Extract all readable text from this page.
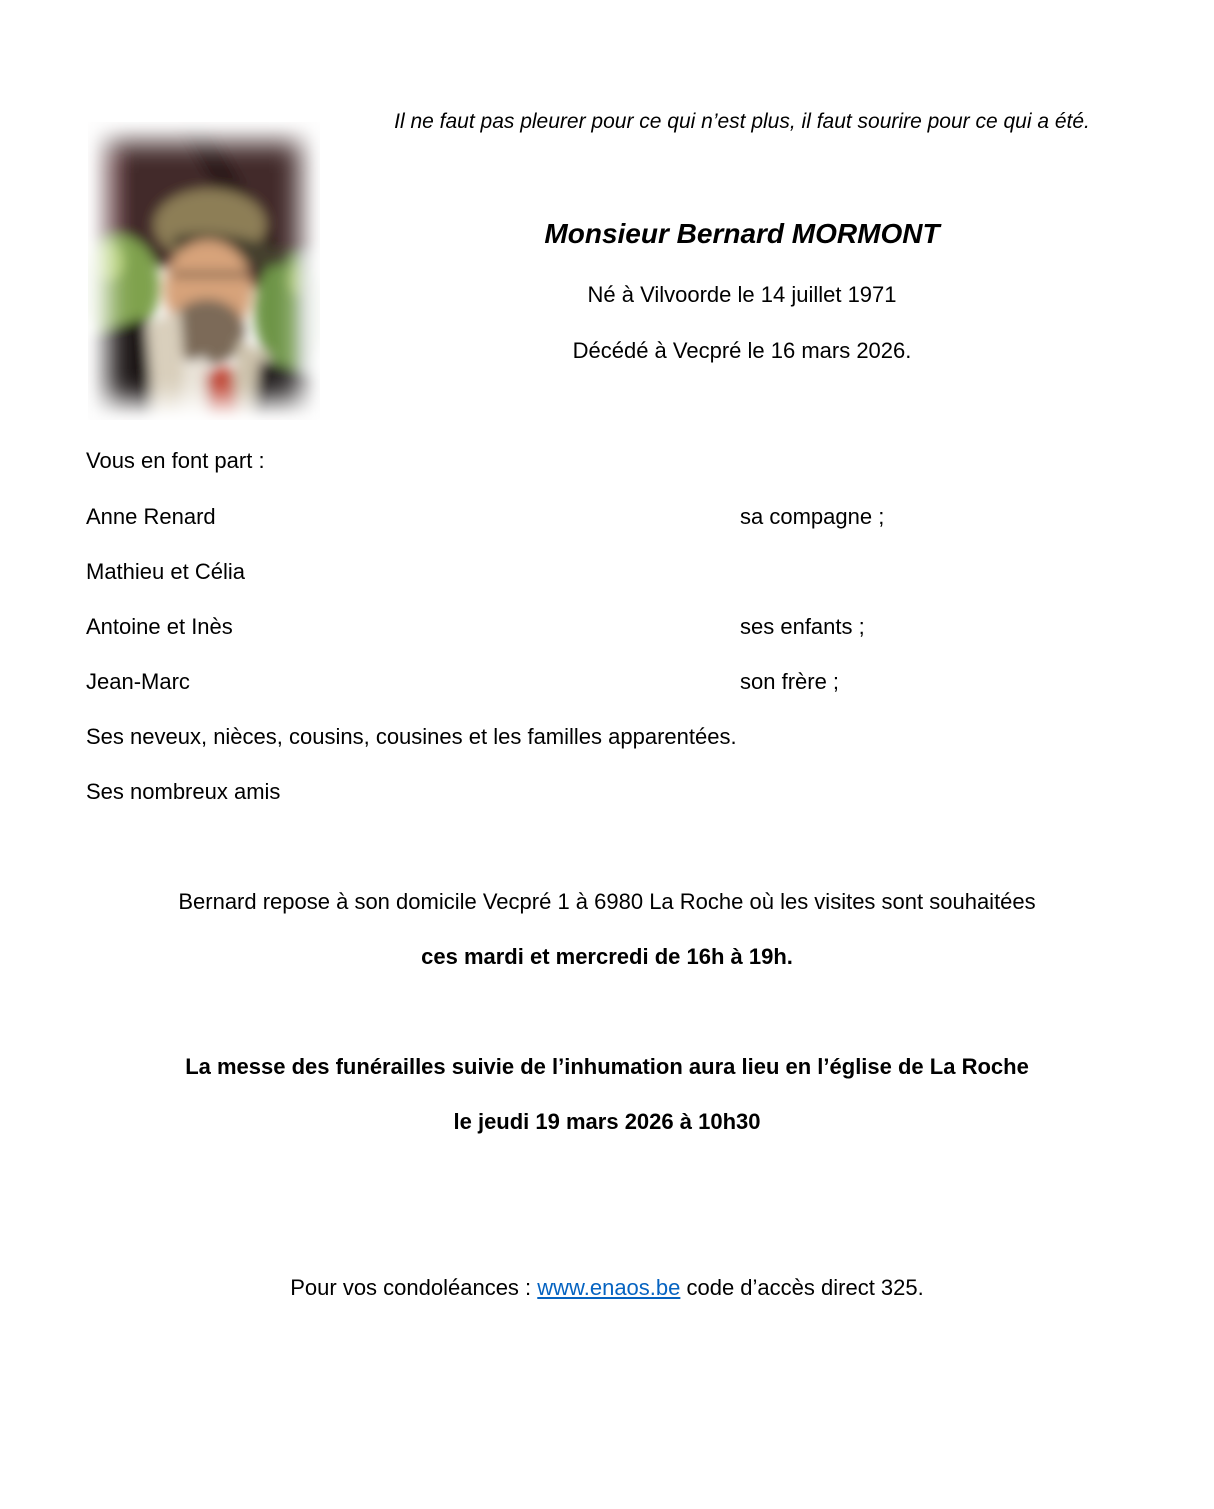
Il ne faut pas pleurer pour ce qui n’est plus, il faut sourire pour ce qui a été.
Monsieur Bernard MORMONT
Né à Vilvoorde le 14 juillet 1971
Décédé à Vecpré le 16 mars 2026.
Vous en font part :
Anne Renard	sa compagne ;
Mathieu et Célia
Antoine et Inès	ses enfants ;
Jean-Marc	son frère ;
Ses neveux, nièces, cousins, cousines et les familles apparentées.
Ses nombreux amis
Bernard repose à son domicile Vecpré 1 à 6980 La Roche où les visites sont souhaitées
ces mardi et mercredi de 16h à 19h.
La messe des funérailles suivie de l’inhumation aura lieu en l’église de La Roche
le jeudi 19 mars 2026 à 10h30
Pour vos condoléances : www.enaos.be code d’accès direct 325.
